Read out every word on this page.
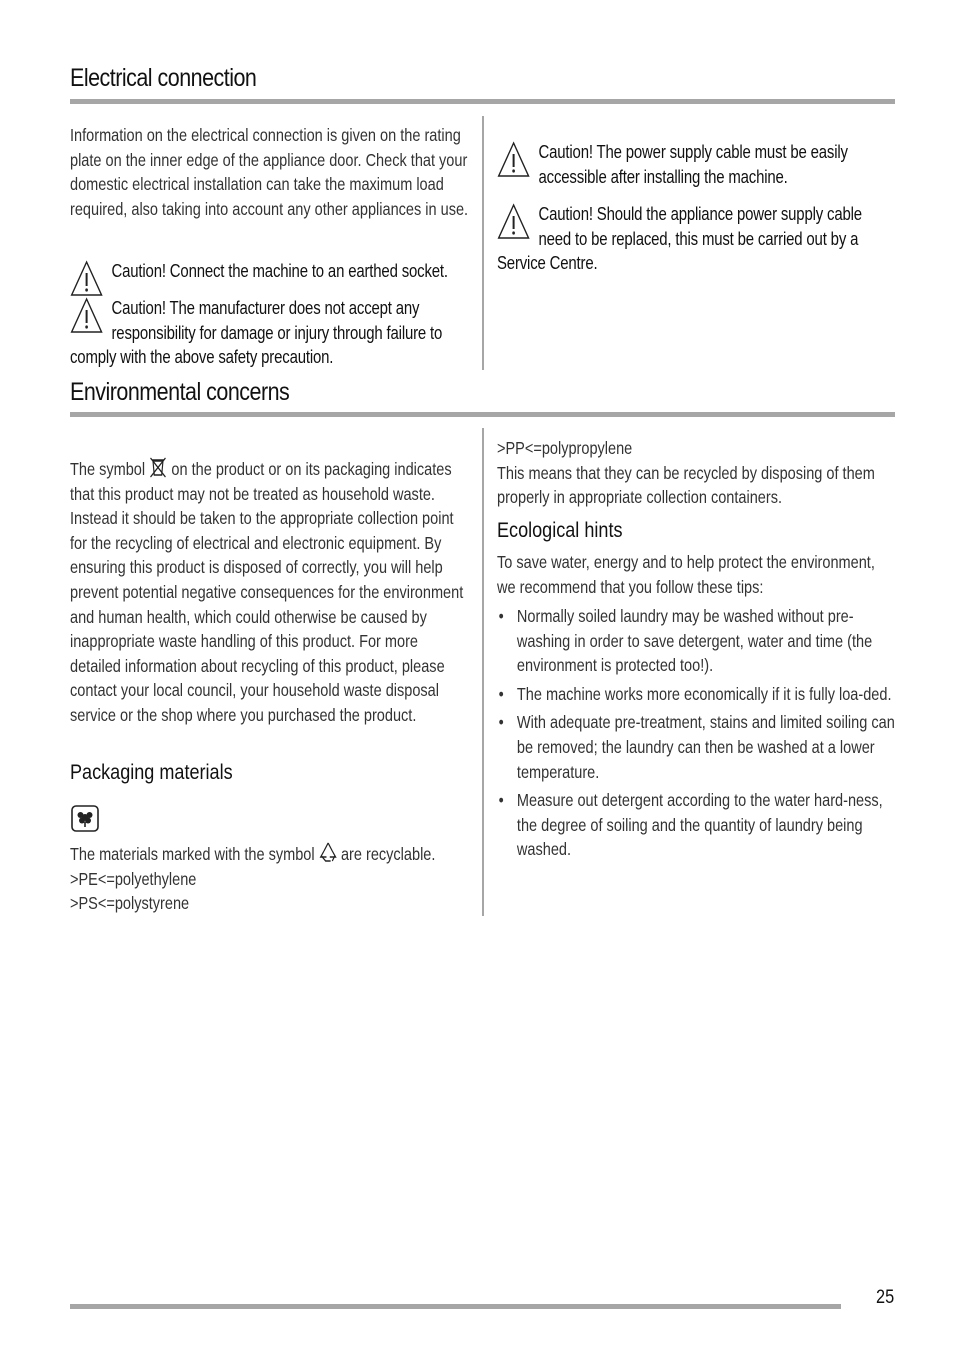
Electrical connection
Information on the electrical connection is given on the rating plate on the inner edge of the appliance door. Check that your domestic electrical installation can take the maximum load required, also taking into account any other appliances in use.
Caution! Connect the machine to an earthed socket.
Caution! The manufacturer does not accept any responsibility for damage or injury through failure to comply with the above safety precaution.
Caution! The power supply cable must be easily accessible after installing the machine.
Caution! Should the appliance power supply cable need to be replaced, this must be carried out by a Service Centre.
Environmental concerns
The symbol on the product or on its packaging indicates that this product may not be treated as household waste. Instead it should be taken to the appropriate collection point for the recycling of electrical and electronic equipment. By ensuring this product is disposed of correctly, you will help prevent potential negative consequences for the environment and human health, which could otherwise be caused by inappropriate waste handling of this product. For more detailed information about recycling of this product, please contact your local council, your household waste disposal service or the shop where you purchased the product.
Packaging materials
The materials marked with the symbol are recyclable.
>PE<=polyethylene
>PS<=polystyrene
>PP<=polypropylene
This means that they can be recycled by disposing of them properly in appropriate collection containers.
Ecological hints
To save water, energy and to help protect the environment, we recommend that you follow these tips:
• Normally soiled laundry may be washed without pre-washing in order to save detergent, water and time (the environment is protected too!).
• The machine works more economically if it is fully loa-ded.
• With adequate pre-treatment, stains and limited soiling can be removed; the laundry can then be washed at a lower temperature.
• Measure out detergent according to the water hard-ness, the degree of soiling and the quantity of laundry being washed.
25
